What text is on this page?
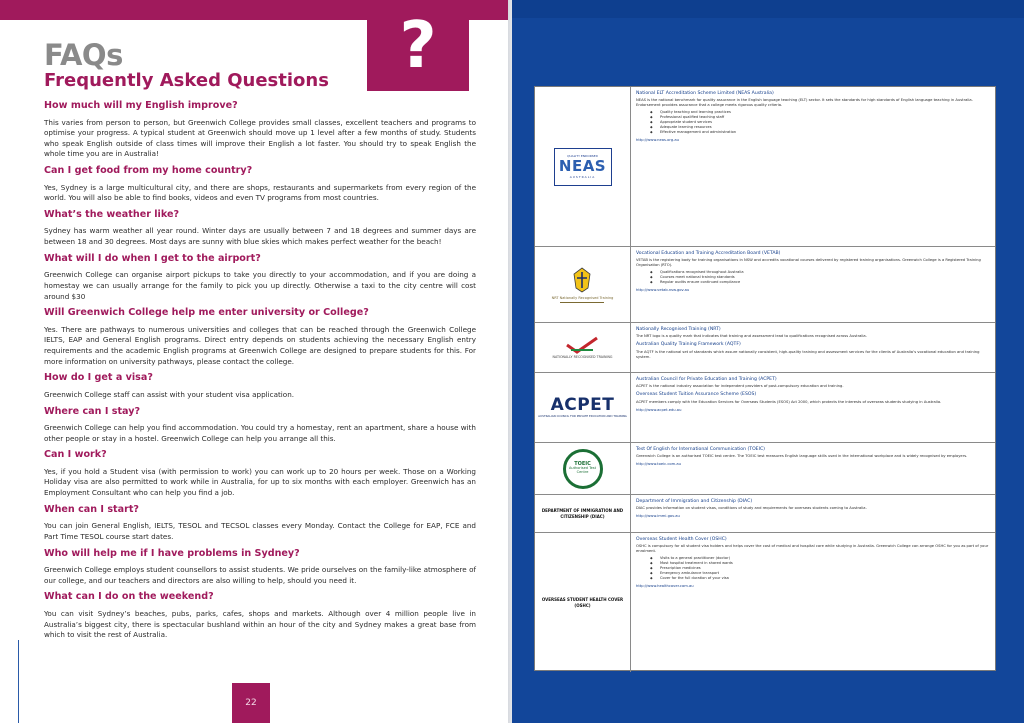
?
FAQs
Frequently Asked Questions
How much will my English improve?
This varies from person to person, but Greenwich College provides small classes, excellent teachers and programs to optimise your progress. A typical student at Greenwich should move up 1 level after a few months of study. Students who speak English outside of class times will improve their English a lot faster. You should try to speak English the whole time you are in Australia!
Can I get food from my home country?
Yes, Sydney is a large multicultural city, and there are shops, restaurants and supermarkets from every region of the world. You will also be able to find books, videos and even TV programs from most countries.
What’s the weather like?
Sydney has warm weather all year round. Winter days are usually between 7 and 18 degrees and summer days are between 18 and 30 degrees. Most days are sunny with blue skies which makes perfect weather for the beach!
What will I do when I get to the airport?
Greenwich College can organise airport pickups to take you directly to your accommodation, and if you are doing a homestay we can usually arrange for the family to pick you up directly. Otherwise a taxi to the city centre will cost around $30
Will Greenwich College help me enter university or College?
Yes. There are pathways to numerous universities and colleges that can be reached through the Greenwich College IELTS, EAP and General English programs. Direct entry depends on students achieving the necessary English entry requirements and the academic English programs at Greenwich College are designed to prepare students for this. For more information on university pathways, please contact the college.
How do I get a visa?
Greenwich College staff can assist with your student visa application.
Where can I stay?
Greenwich College can help you find accommodation. You could try a homestay, rent an apartment, share a house with other people or stay in a hostel. Greenwich College can help you arrange all this.
Can I work?
Yes, if you hold a Student visa (with permission to work) you can work up to 20 hours per week. Those on a Working Holiday visa are also permitted to work while in Australia, for up to six months with each employer. Greenwich has an Employment Consultant who can help you find a job.
When can I start?
You can join General English, IELTS, TESOL and TECSOL classes every Monday. Contact the College for EAP, FCE and Part Time TESOL course start dates.
Who will help me if I have problems in Sydney?
Greenwich College employs student counsellors to assist students. We pride ourselves on the family-like atmosphere of our college, and our teachers and directors are also willing to help, should you need it.
What can I do on the weekend?
You can visit Sydney’s beaches, pubs, parks, cafes, shops and markets. Although over 4 million people live in Australia’s biggest city, there is spectacular bushland within an hour of the city and Sydney makes a great base from which to visit the rest of Australia.
22
QUALITY ENDORSED
NEAS
AUSTRALIA
National ELT Accreditation Scheme Limited (NEAS Australia)
NEAS is the national benchmark for quality assurance in the English language teaching (ELT) sector. It sets the standards for high standards of English language teaching in Australia. Endorsement provides assurance that a college meets rigorous quality criteria.
◆ Quality teaching and learning practices
◆ Professional qualified teaching staff
◆ Appropriate student services
◆ Adequate learning resources
◆ Effective management and administration
http://www.neas.org.au
NRT Nationally Recognised Training
Vocational Education and Training Accreditation Board (VETAB)
VETAB is the registering body for training organisations in NSW and accredits vocational courses delivered by registered training organisations. Greenwich College is a Registered Training Organisation (RTO).
◆ Qualifications recognised throughout Australia
◆ Courses meet national training standards
◆ Regular audits ensure continued compliance
http://www.vetab.nsw.gov.au
NATIONALLY RECOGNISED TRAINING
Nationally Recognised Training (NRT)
The NRT logo is a quality mark that indicates that training and assessment lead to qualifications recognised across Australia.
Australian Quality Training Framework (AQTF)
The AQTF is the national set of standards which assure nationally consistent, high-quality training and assessment services for the clients of Australia’s vocational education and training system.
ACPET
AUSTRALIAN COUNCIL FOR PRIVATE EDUCATION AND TRAINING
Australian Council for Private Education and Training (ACPET)
ACPET is the national industry association for independent providers of post-compulsory education and training.
Overseas Student Tuition Assurance Scheme (ESOS)
ACPET members comply with the Education Services for Overseas Students (ESOS) Act 2000, which protects the interests of overseas students studying in Australia.
http://www.acpet.edu.au
TOEIC
Authorised Test Centre
Test Of English for International Communication (TOEIC)
Greenwich College is an authorised TOEIC test centre. The TOEIC test measures English language skills used in the international workplace and is widely recognised by employers.
http://www.toeic.com.au
DEPARTMENT OF IMMIGRATION AND CITIZENSHIP (DIAC)
Department of Immigration and Citizenship (DIAC)
DIAC provides information on student visas, conditions of study and requirements for overseas students coming to Australia.
http://www.immi.gov.au
OVERSEAS STUDENT HEALTH COVER (OSHC)
Overseas Student Health Cover (OSHC)
OSHC is compulsory for all student visa holders and helps cover the cost of medical and hospital care while studying in Australia. Greenwich College can arrange OSHC for you as part of your enrolment.
◆ Visits to a general practitioner (doctor)
◆ Most hospital treatment in shared wards
◆ Prescription medicines
◆ Emergency ambulance transport
◆ Cover for the full duration of your visa
http://www.healthcover.com.au
